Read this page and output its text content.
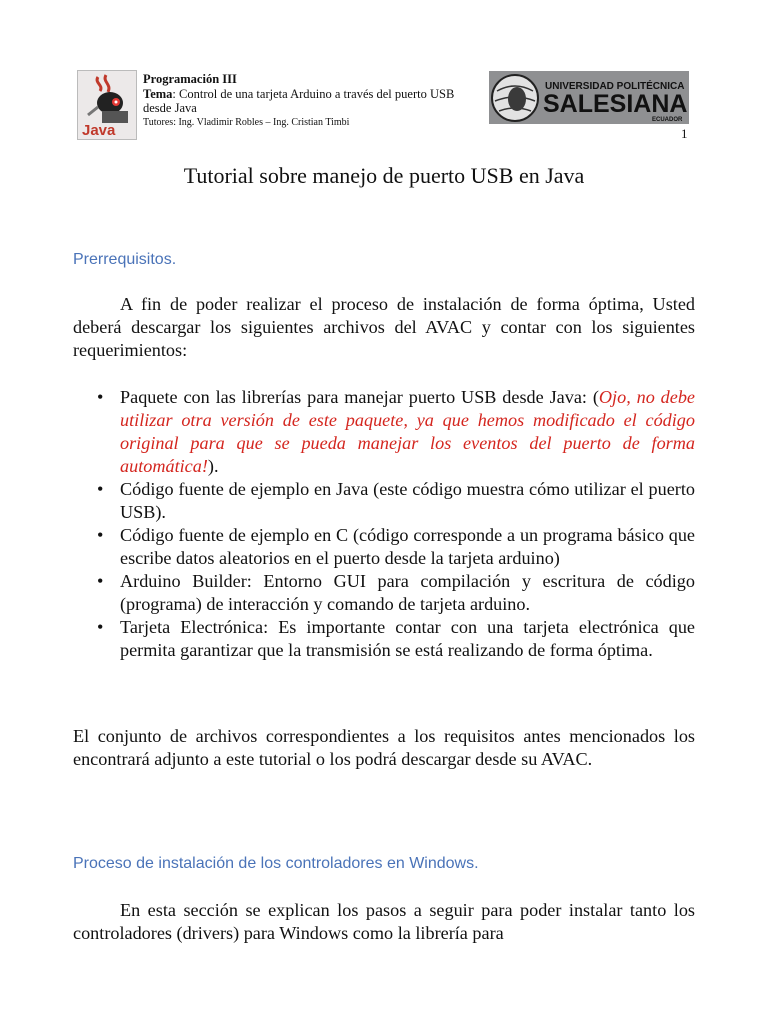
Java
Programación III
Tema: Control de una tarjeta Arduino a través del puerto USB desde Java
Tutores: Ing. Vladimir Robles – Ing. Cristian Timbi
UNIVERSIDAD POLITÉCNICA
SALESIANA
ECUADOR
1
Tutorial sobre manejo de puerto USB en Java
Prerrequisitos.
A fin de poder realizar el proceso de instalación de forma óptima, Usted deberá descargar los siguientes archivos del AVAC y contar con los siguientes requerimientos:
• Paquete con las librerías para manejar puerto USB desde Java: (Ojo, no debe utilizar otra versión de este paquete, ya que hemos modificado el código original para que se pueda manejar los eventos del puerto de forma automática!).
• Código fuente de ejemplo en Java (este código muestra cómo utilizar el puerto USB).
• Código fuente de ejemplo en C (código corresponde a un programa básico que escribe datos aleatorios en el puerto desde la tarjeta arduino)
• Arduino Builder: Entorno GUI para compilación y escritura de código (programa) de interacción y comando de tarjeta arduino.
• Tarjeta Electrónica: Es importante contar con una tarjeta electrónica que permita garantizar que la transmisión se está realizando de forma óptima.
El conjunto de archivos correspondientes a los requisitos antes mencionados los encontrará adjunto a este tutorial o los podrá descargar desde su AVAC.
Proceso de instalación de los controladores en Windows.
En esta sección se explican los pasos a seguir para poder instalar tanto los controladores (drivers) para Windows como la librería para
